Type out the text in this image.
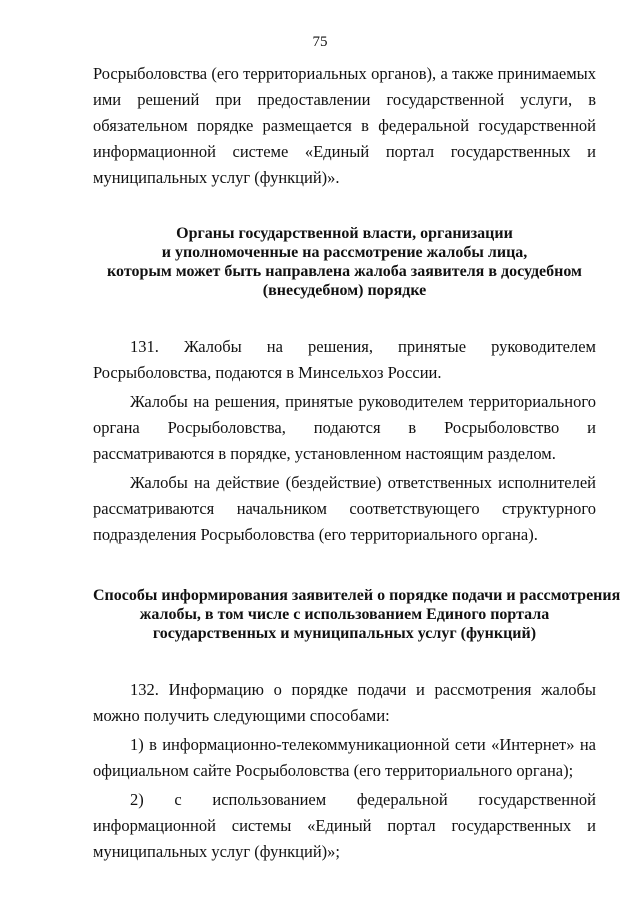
75

Росрыболовства (его территориальных органов), а также принимаемых ими решений при предоставлении государственной услуги, в обязательном порядке размещается в федеральной государственной информационной системе «Единый портал государственных и муниципальных услуг (функций)».

Органы государственной власти, организации
и уполномоченные на рассмотрение жалобы лица,
которым может быть направлена жалоба заявителя в досудебном
(внесудебном) порядке

131. Жалобы на решения, принятые руководителем Росрыболовства, подаются в Минсельхоз России.

Жалобы на решения, принятые руководителем территориального органа Росрыболовства, подаются в Росрыболовство и рассматриваются в порядке, установленном настоящим разделом.

Жалобы на действие (бездействие) ответственных исполнителей рассматриваются начальником соответствующего структурного подразделения Росрыболовства (его территориального органа).

Способы информирования заявителей о порядке подачи и рассмотрения
жалобы, в том числе с использованием Единого портала
государственных и муниципальных услуг (функций)

132. Информацию о порядке подачи и рассмотрения жалобы можно получить следующими способами:

1) в информационно-телекоммуникационной сети «Интернет» на официальном сайте Росрыболовства (его территориального органа);

2) с использованием федеральной государственной информационной системы «Единый портал государственных и муниципальных услуг (функций)»;
